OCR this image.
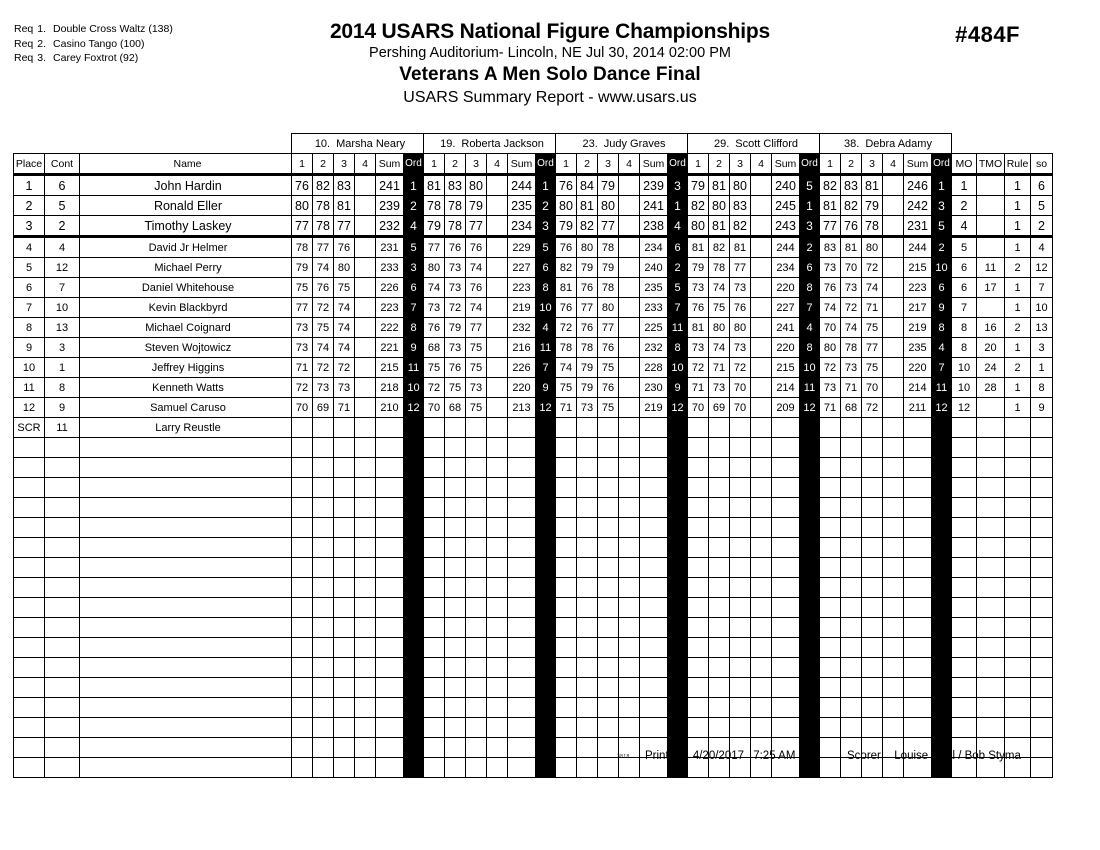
Req 1. Double Cross Waltz (138)
Req 2. Casino Tango (100)
Req 3. Carey Foxtrot (92)
2014 USARS National Figure Championships
Pershing Auditorium- Lincoln, NE Jul 30, 2014 02:00 PM
Veterans A Men Solo Dance Final
USARS Summary Report - www.usars.us
#484F
			10. Marsha Neary						19. Roberta Jackson						23. Judy Graves						29. Scott Clifford						38. Debra Adamy									
Place	Cont	Name	1	2	3	4	Sum	Ord	1	2	3	4	Sum	Ord	1	2	3	4	Sum	Ord	1	2	3	4	Sum	Ord	1	2	3	4	Sum	Ord	MO	TMO	Rule	so
1	6	John Hardin	76	82	83		241	1	81	83	80		244	1	76	84	79		239	3	79	81	80		240	5	82	83	81		246	1	1		1	6
2	5	Ronald Eller	80	78	81		239	2	78	78	79		235	2	80	81	80		241	1	82	80	83		245	1	81	82	79		242	3	2		1	5
3	2	Timothy Laskey	77	78	77		232	4	79	78	77		234	3	79	82	77		238	4	80	81	82		243	3	77	76	78		231	5	4		1	2
4	4	David Jr Helmer	78	77	76		231	5	77	76	76		229	5	76	80	78		234	6	81	82	81		244	2	83	81	80		244	2	5		1	4
5	12	Michael Perry	79	74	80		233	3	80	73	74		227	6	82	79	79		240	2	79	78	77		234	6	73	70	72		215	10	6	11	2	12
6	7	Daniel Whitehouse	75	76	75		226	6	74	73	76		223	8	81	76	78		235	5	73	74	73		220	8	76	73	74		223	6	6	17	1	7
7	10	Kevin Blackbyrd	77	72	74		223	7	73	72	74		219	10	76	77	80		233	7	76	75	76		227	7	74	72	71		217	9	7		1	10
8	13	Michael Coignard	73	75	74		222	8	76	79	77		232	4	72	76	77		225	11	81	80	80		241	4	70	74	75		219	8	8	16	2	13
9	3	Steven Wojtowicz	73	74	74		221	9	68	73	75		216	11	78	78	76		232	8	73	74	73		220	8	80	78	77		235	4	8	20	1	3
10	1	Jeffrey Higgins	71	72	72		215	11	75	76	75		226	7	74	79	75		228	10	72	71	72		215	10	72	73	75		220	7	10	24	2	1
11	8	Kenneth Watts	72	73	73		218	10	72	75	73		220	9	75	79	76		230	9	71	73	70		214	11	73	71	70		214	11	10	28	1	8
12	9	Samuel Caruso	70	69	71		210	12	70	68	75		213	12	71	73	75		219	12	70	69	70		209	12	71	68	72		211	12	12		1	9
SCR	11	Larry Reustle																																		

3818 Printed: 4/20/2017 7:25 AM	Scorer: Louise Neal / Bob Styma
